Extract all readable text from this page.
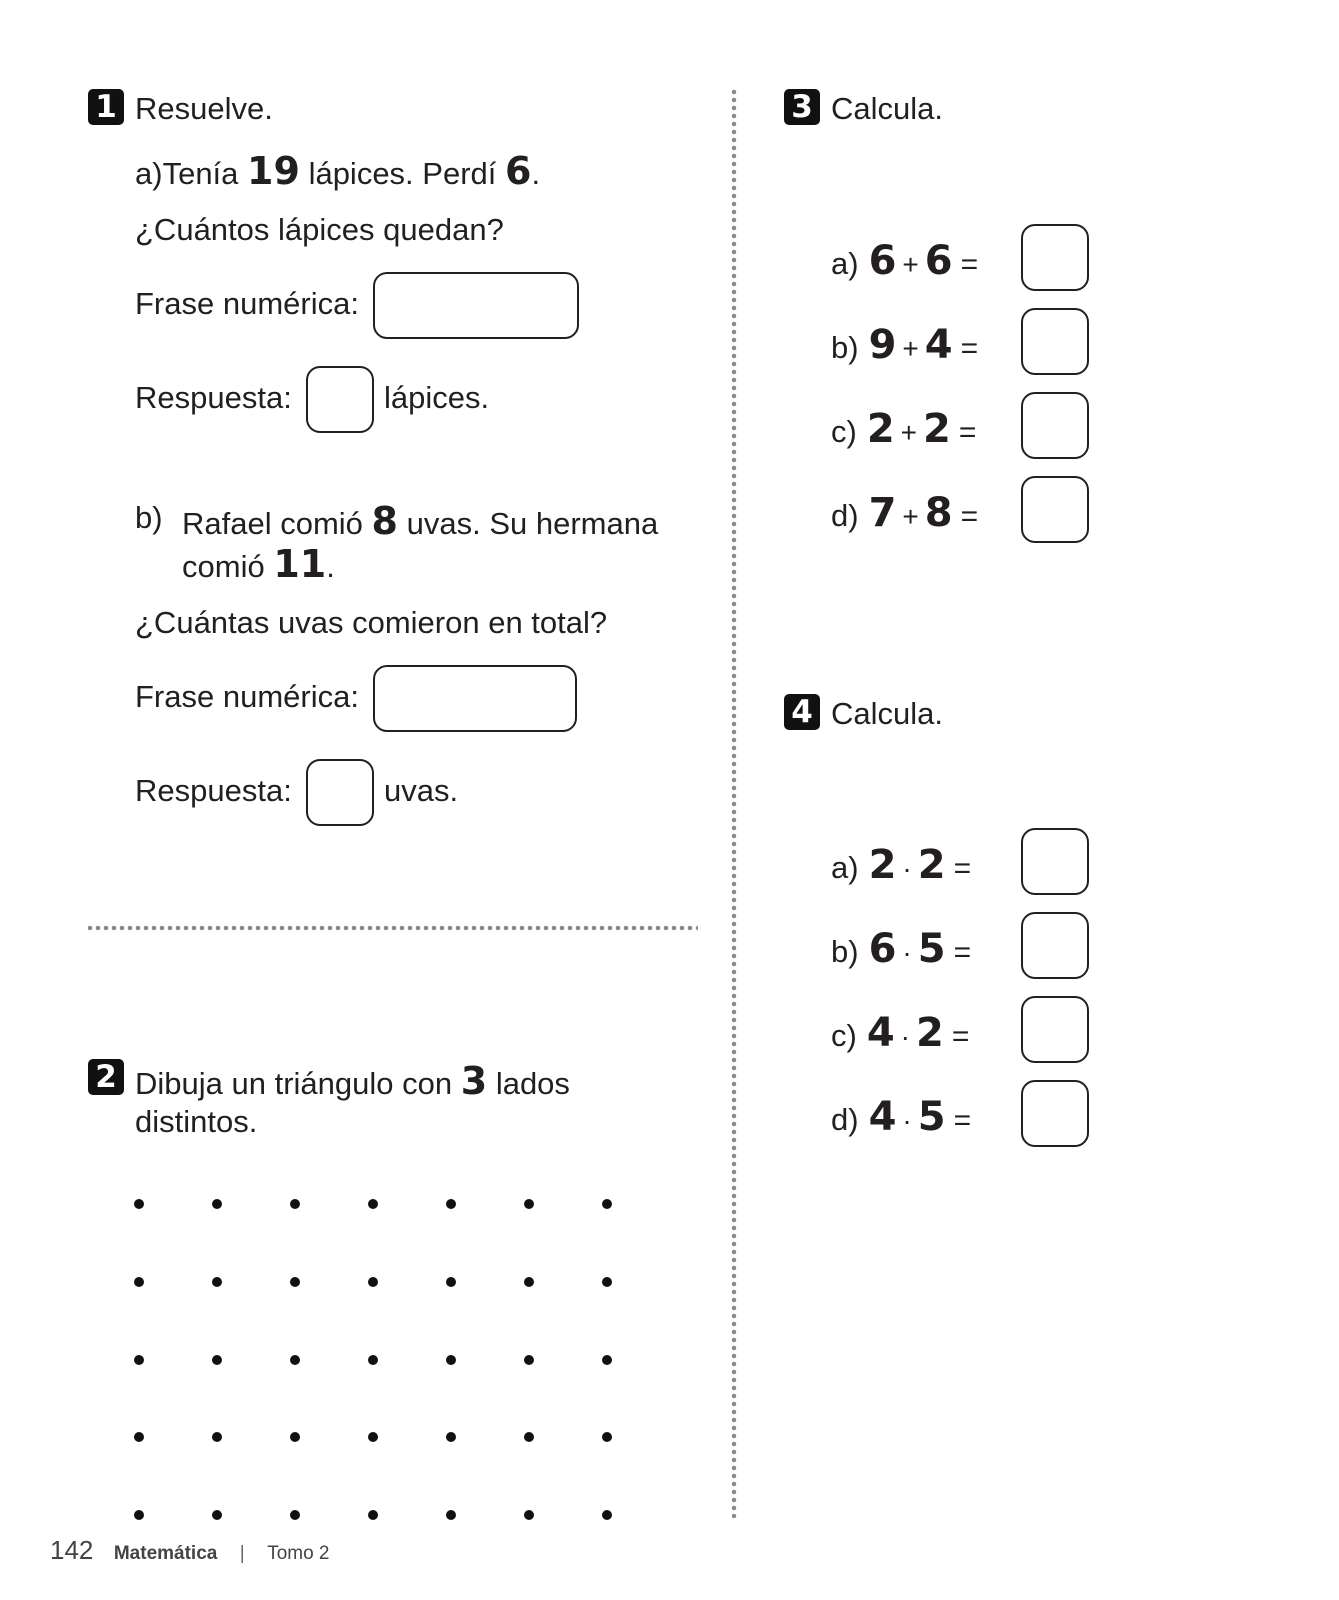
1 Resuelve.
a)Tenía 19 lápices. Perdí 6.
¿Cuántos lápices quedan?
Frase numérica:
Respuesta:	lápices.
b) Rafael comió 8 uvas. Su hermana
comió 11.
¿Cuántas uvas comieron en total?
Frase numérica:
Respuesta:	uvas.
2 Dibuja un triángulo con 3 lados
distintos.
3 Calcula.
a) 6 + 6 =
b) 9 + 4 =
c) 2 + 2 =
d) 7 + 8 =
4 Calcula.
a) 2 · 2 =
b) 6 · 5 =
c) 4 · 2 =
d) 4 · 5 =
142 Matemática | Tomo 2
